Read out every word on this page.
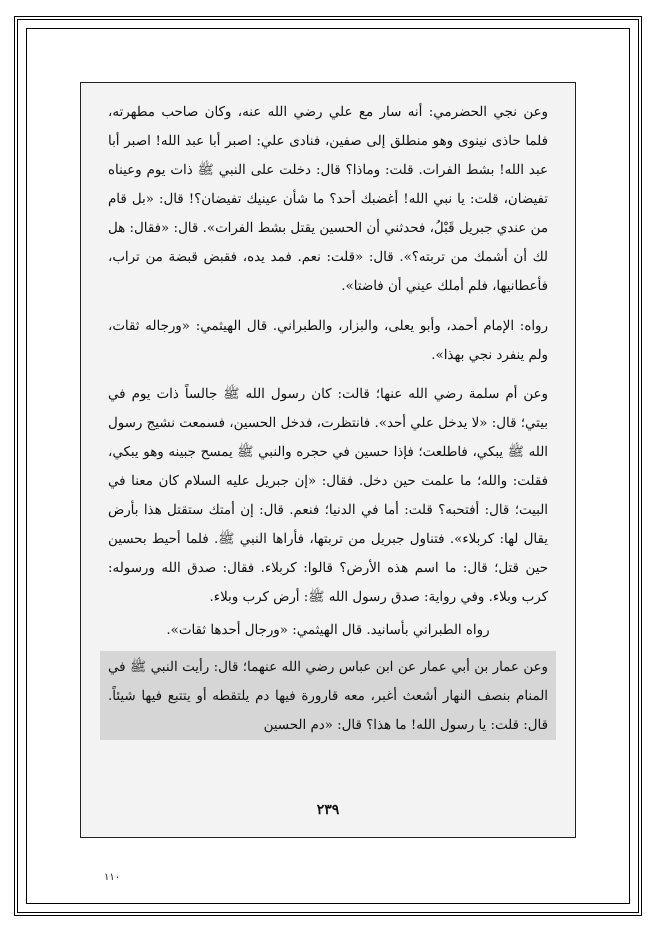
وعن نجي الحضرمي: أنه سار مع علي رضي الله عنه، وكان صاحب مطهرته، فلما حاذى نينوى وهو منطلق إلى صفين، فنادى علي: اصبر أبا عبد الله! اصبر أبا عبد الله! بشط الفرات. قلت: وماذا؟ قال: دخلت على النبي ﷺ ذات يوم وعيناه تفيضان، قلت: يا نبي الله! أغضبك أحد؟ ما شأن عينيك تفيضان؟! قال: «بل قام من عندي جبريل قَبْلُ، فحدثني أن الحسين يقتل بشط الفرات». قال: «فقال: هل لك أن أشمك من تربته؟». قال: «قلت: نعم. فمد يده، فقبض قبضة من تراب، فأعطانيها، فلم أملك عيني أن فاضتا».

رواه: الإمام أحمد، وأبو يعلى، والبزار، والطبراني. قال الهيثمي: «ورجاله ثقات، ولم ينفرد نجي بهذا».

وعن أم سلمة رضي الله عنها؛ قالت: كان رسول الله ﷺ جالساً ذات يوم في بيتي؛ قال: «لا يدخل علي أحد». فانتظرت، فدخل الحسين، فسمعت نشيج رسول الله ﷺ يبكي، فاطلعت؛ فإذا حسين في حجره والنبي ﷺ يمسح جبينه وهو يبكي، فقلت: والله؛ ما علمت حين دخل. فقال: «إن جبريل عليه السلام كان معنا في البيت؛ قال: أفتحبه؟ قلت: أما في الدنيا؛ فنعم. قال: إن أمتك ستقتل هذا بأرض يقال لها: كربلاء». فتناول جبريل من تربتها، فأراها النبي ﷺ. فلما أحيط بحسين حين قتل؛ قال: ما اسم هذه الأرض؟ قالوا: كربلاء. فقال: صدق الله ورسوله: كرب وبلاء. وفي رواية: صدق رسول الله ﷺ: أرض كرب وبلاء.

رواه الطبراني بأسانيد. قال الهيثمي: «ورجال أحدها ثقات».

وعن عمار بن أبي عمار عن ابن عباس رضي الله عنهما؛ قال: رأيت النبي ﷺ في المنام بنصف النهار أشعث أغبر، معه قارورة فيها دم يلتقطه أو يتتبع فيها شيئاً. قال: قلت: يا رسول الله! ما هذا؟ قال: «دم الحسين

٢٣٩
١١٠
